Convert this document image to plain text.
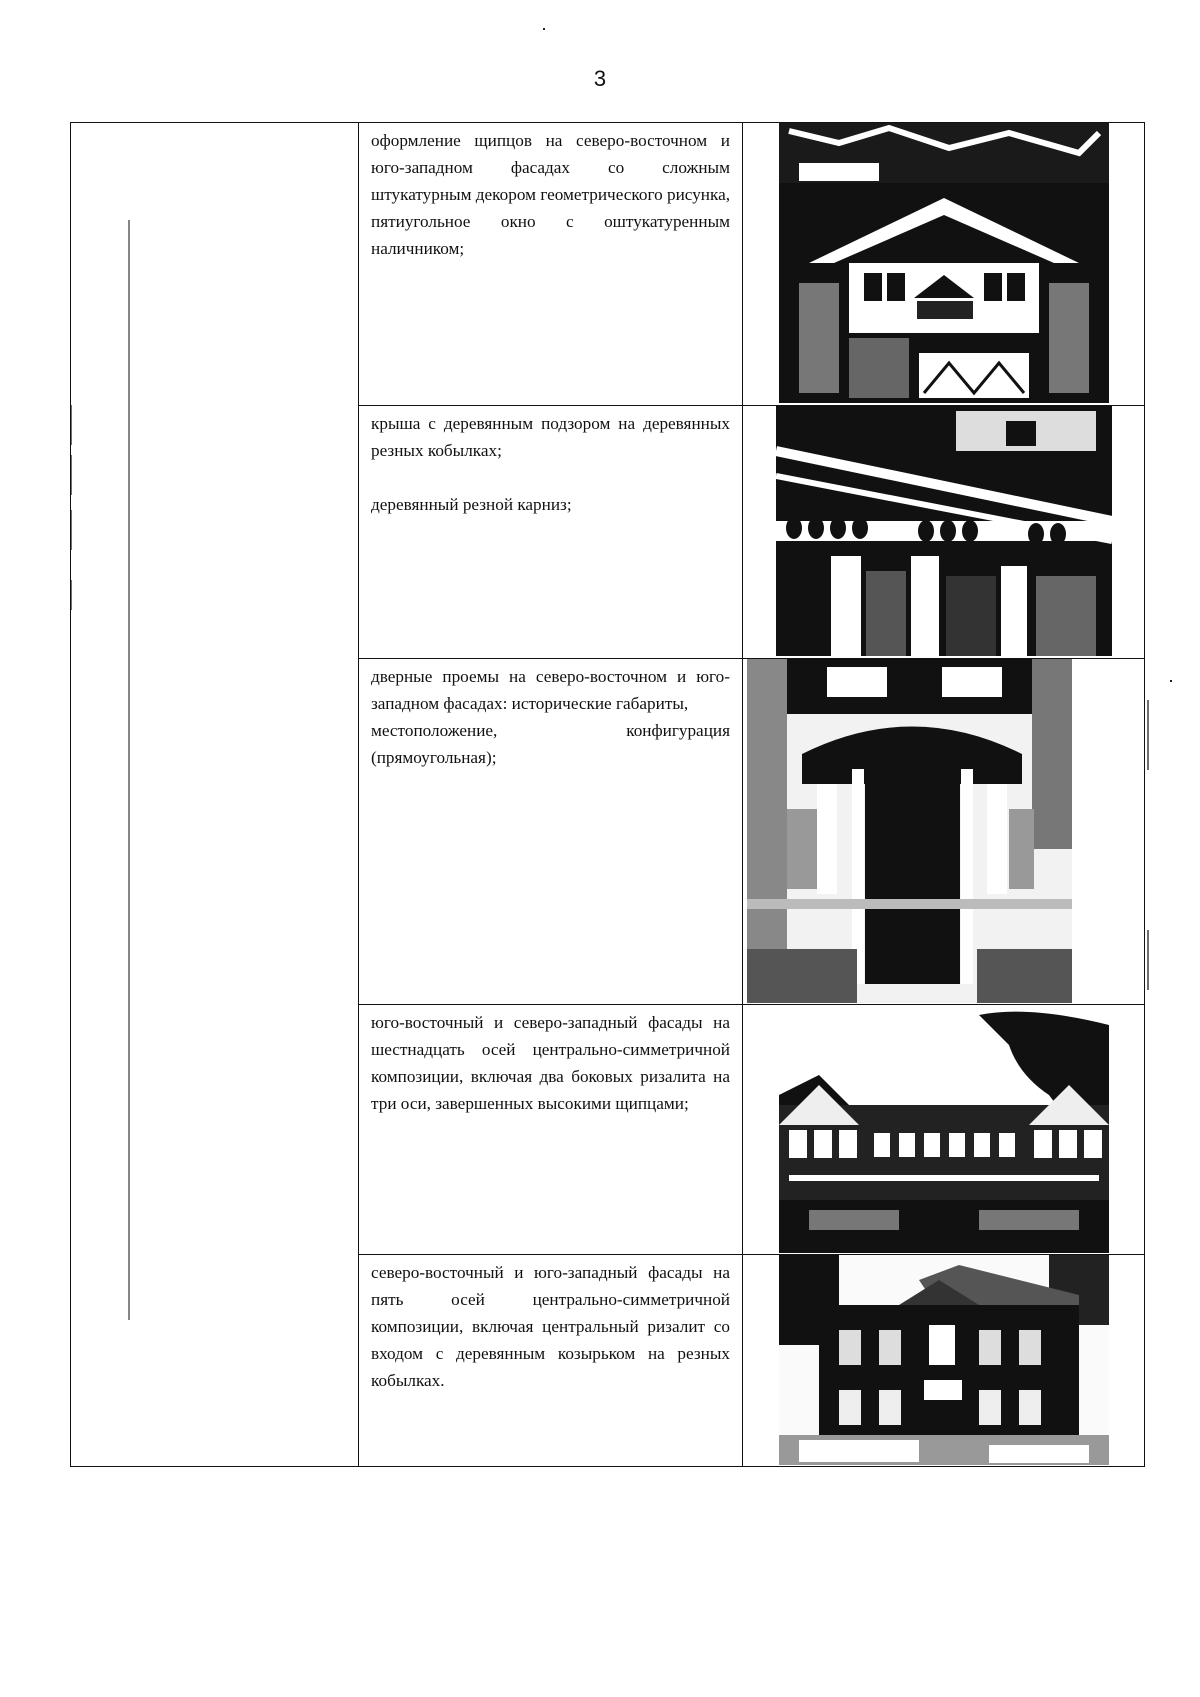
3

	оформление щипцов на северо-восточном и юго-западном фасадах со сложным штукатурным декором геометрического рисунка, пятиугольное окно с оштукатуренным наличником;

	крыша с деревянным подзором на деревянных резных кобылках;

деревянный резной карниз;

	дверные проемы на северо-восточном и юго-западном фасадах: исторические габариты,

местоположение, конфигурация (прямоугольная);

	юго-восточный и северо-западный фасады на шестнадцать осей центрально-симметричной композиции, включая два боковых ризалита на три оси, завершенных высокими щипцами;

	северо-восточный и юго-западный фасады на пять осей центрально-симметричной композиции, включая центральный ризалит со входом с деревянным козырьком на резных кобылках.
